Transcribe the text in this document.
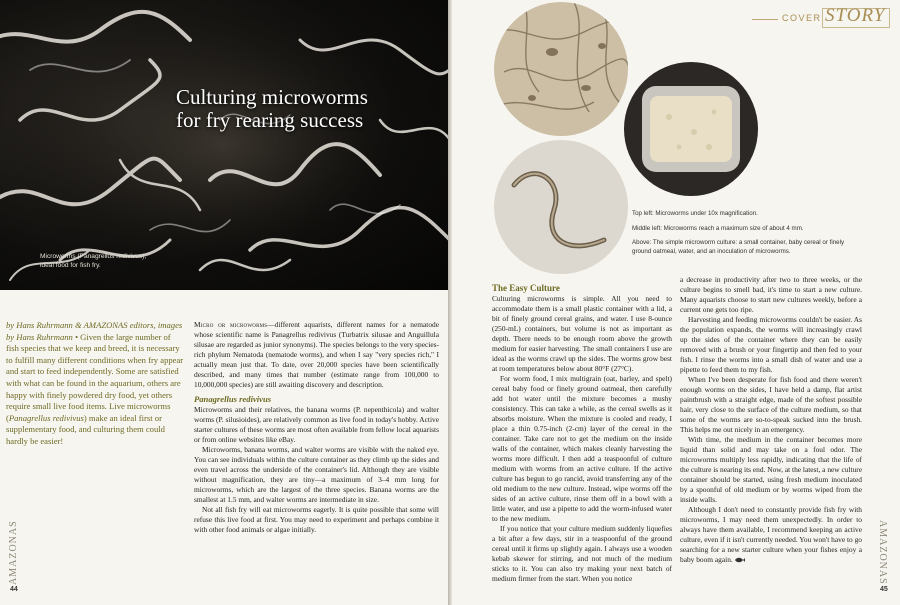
Culturing microworms
for fry rearing success
Microworms (Panagrellus redivivus),
ideal food for fish fry.
by Hans Ruhrmann & AMAZONAS editors, images by Hans Ruhrmann • Given the large number of fish species that we keep and breed, it is necessary to fulfill many different conditions when fry appear and start to feed independently. Some are satisfied with what can be found in the aquarium, others are happy with finely powdered dry food, yet others require small live food items. Live microworms (Panagrellus redivivus) make an ideal first or supplementary food, and culturing them could hardly be easier!

Micro or microworms—different aquarists, different names for a nematode whose scientific name is Panagrellus redivivus (Turbatrix silusae and Anguillula silusae are regarded as junior synonyms). The species belongs to the very species-rich phylum Nematoda (nematode worms), and when I say "very species rich," I actually mean just that. To date, over 20,000 species have been scientifically described, and many times that number (estimate range from 100,000 to 10,000,000 species) are still awaiting discovery and description.

Panagrellus redivivus

Microworms and their relatives, the banana worms (P. nepenthicola) and walter worms (P. silusioides), are relatively common as live food in today's hobby. Active starter cultures of these worms are most often available from fellow local aquarists or from online websites like eBay.

Microworms, banana worms, and walter worms are visible with the naked eye. You can see individuals within the culture container as they climb up the sides and even travel across the underside of the container's lid. Although they are visible without magnification, they are tiny—a maximum of 3–4 mm long for microworms, which are the largest of the three species. Banana worms are the smallest at 1.5 mm, and walter worms are intermediate in size.

Not all fish fry will eat microworms eagerly. It is quite possible that some will refuse this live food at first. You may need to experiment and perhaps combine it with other food animals or algae initially.

AMAZONAS
44
COVER STORY

Top left: Microworms under 10x magnification.

Middle left: Microworms reach a maximum size of about 4 mm.

Above: The simple microworm culture: a small container, baby cereal or finely ground oatmeal, water, and an inoculation of microworms.

The Easy Culture

Culturing microworms is simple. All you need to accommodate them is a small plastic container with a lid, a bit of finely ground cereal grains, and water. I use 8-ounce (250-mL) containers, but volume is not as important as depth. There needs to be enough room above the growth medium for easier harvesting. The small containers I use are ideal as the worms crawl up the sides. The worms grow best at room temperatures below about 80°F (27°C).

For worm food, I mix multigrain (oat, barley, and spelt) cereal baby food or finely ground oatmeal, then carefully add hot water until the mixture becomes a mushy consistency. This can take a while, as the cereal swells as it absorbs moisture. When the mixture is cooled and ready, I place a thin 0.75-inch (2-cm) layer of the cereal in the container. Take care not to get the medium on the inside walls of the container, which makes cleanly harvesting the worms more difficult. I then add a teaspoonful of culture medium with worms from an active culture. If the active culture has begun to go rancid, avoid transferring any of the old medium to the new culture. Instead, wipe worms off the sides of an active culture, rinse them off in a bowl with a little water, and use a pipette to add the worm-infused water to the new medium.

If you notice that your culture medium suddenly liquefies a bit after a few days, stir in a teaspoonful of the ground cereal until it firms up slightly again. I always use a wooden kebab skewer for stirring, and not much of the medium sticks to it. You can also try making your next batch of medium firmer from the start. When you notice

a decrease in productivity after two to three weeks, or the culture begins to smell bad, it's time to start a new culture. Many aquarists choose to start new cultures weekly, before a current one gets too ripe.

Harvesting and feeding microworms couldn't be easier. As the population expands, the worms will increasingly crawl up the sides of the container where they can be easily removed with a brush or your fingertip and then fed to your fish. I rinse the worms into a small dish of water and use a pipette to feed them to my fish.

When I've been desperate for fish food and there weren't enough worms on the sides, I have held a damp, flat artist paintbrush with a straight edge, made of the softest possible hair, very close to the surface of the culture medium, so that some of the worms are so-to-speak sucked into the brush. This helps me out nicely in an emergency.

With time, the medium in the container becomes more liquid than solid and may take on a foul odor. The microworms multiply less rapidly, indicating that the life of the culture is nearing its end. Now, at the latest, a new culture container should be started, using fresh medium inoculated by a spoonful of old medium or by worms wiped from the inside walls.

Although I don't need to constantly provide fish fry with microworms, I may need them unexpectedly. In order to always have them available, I recommend keeping an active culture, even if it isn't currently needed. You won't have to go searching for a new starter culture when your fishes enjoy a baby boom again.	AMAZONAS
45
